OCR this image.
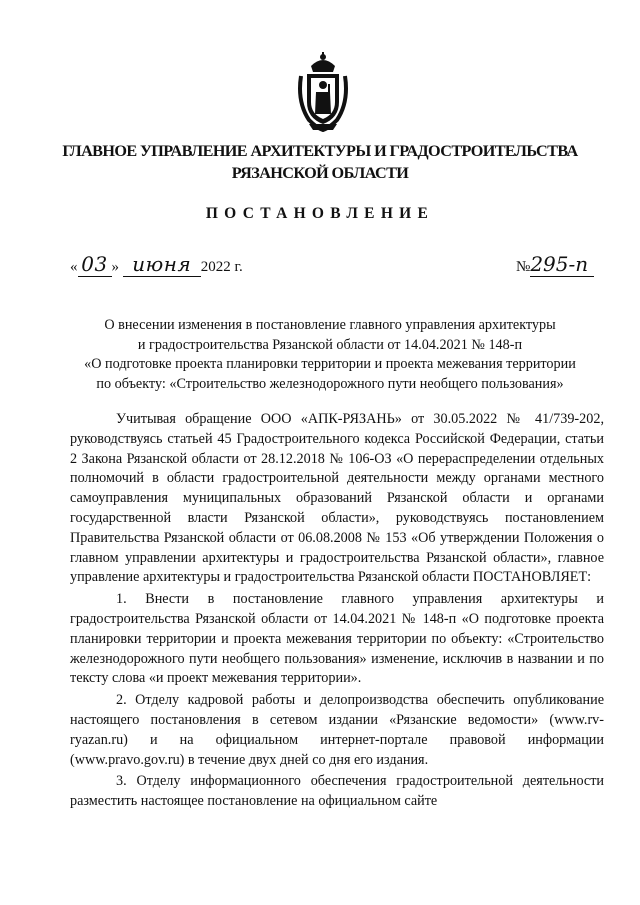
ГЛАВНОЕ УПРАВЛЕНИЕ АРХИТЕКТУРЫ И ГРАДОСТРОИТЕЛЬСТВА
РЯЗАНСКОЙ ОБЛАСТИ
ПОСТАНОВЛЕНИЕ
« 03 » июня 2022 г.	№295-п
О внесении изменения в постановление главного управления архитектуры
и градостроительства Рязанской области от 14.04.2021 № 148-п
«О подготовке проекта планировки территории и проекта межевания территории
по объекту: «Строительство железнодорожного пути необщего пользования»

Учитывая обращение ООО «АПК-РЯЗАНЬ» от 30.05.2022 № 41/739-202, руководствуясь статьей 45 Градостроительного кодекса Российской Федерации, статьи 2 Закона Рязанской области от 28.12.2018 № 106-ОЗ «О перераспределении отдельных полномочий в области градостроительной деятельности между органами местного самоуправления муниципальных образований Рязанской области и органами государственной власти Рязанской области», руководствуясь постановлением Правительства Рязанской области от 06.08.2008 № 153 «Об утверждении Положения о главном управлении архитектуры и градостроительства Рязанской области», главное управление архитектуры и градостроительства Рязанской области ПОСТАНОВЛЯЕТ:

1. Внести в постановление главного управления архитектуры и градостроительства Рязанской области от 14.04.2021 № 148-п «О подготовке проекта планировки территории и проекта межевания территории по объекту: «Строительство железнодорожного пути необщего пользования» изменение, исключив в названии и по тексту слова «и проект межевания территории».

2. Отделу кадровой работы и делопроизводства обеспечить опубликование настоящего постановления в сетевом издании «Рязанские ведомости» (www.rv-ryazan.ru) и на официальном интернет-портале правовой информации (www.pravo.gov.ru) в течение двух дней со дня его издания.

3. Отделу информационного обеспечения градостроительной деятельности разместить настоящее постановление на официальном сайте
